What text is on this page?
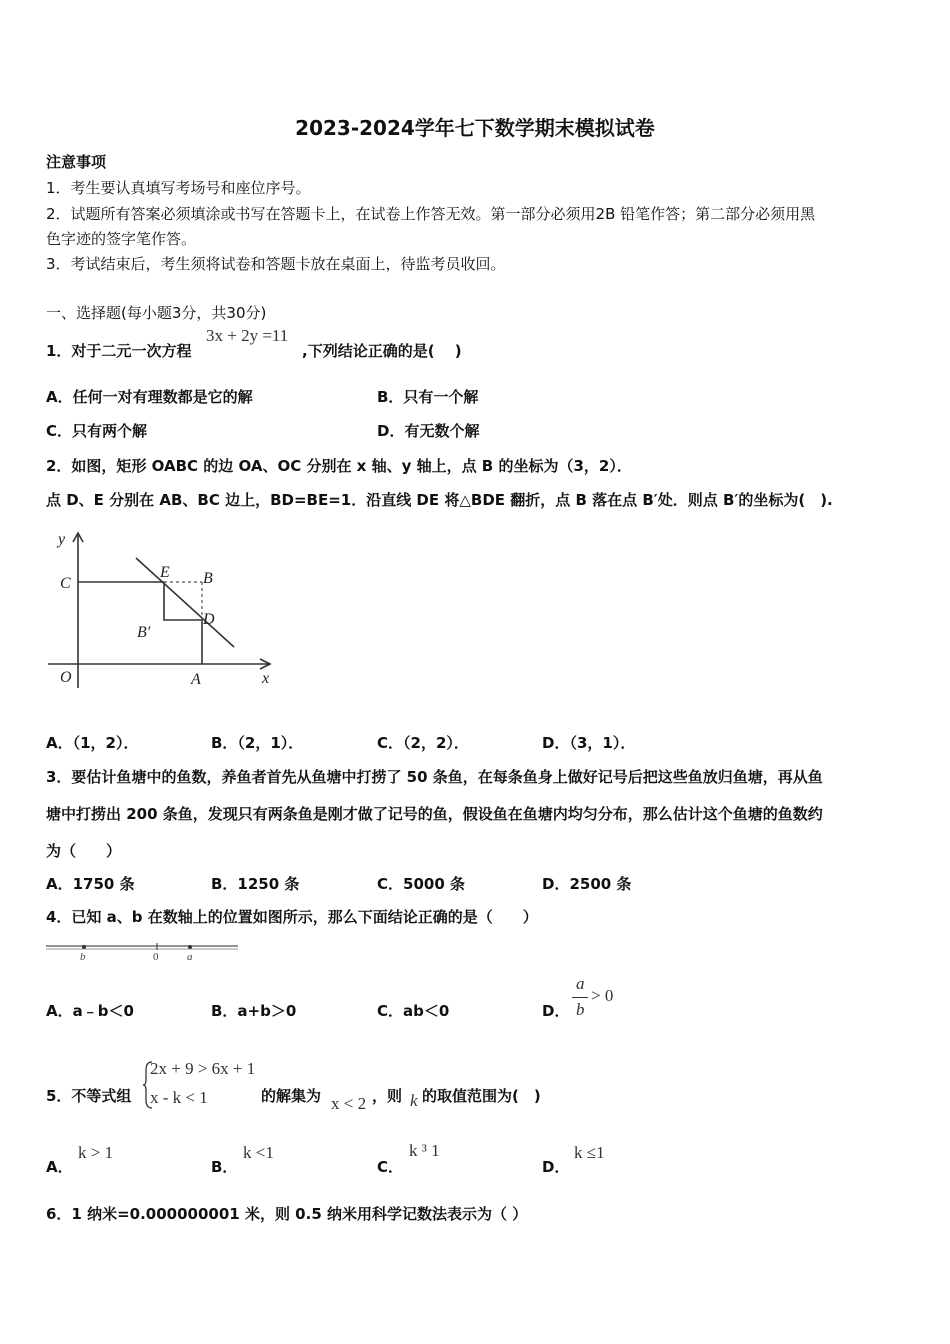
2023-2024学年七下数学期末模拟试卷
注意事项
1．考生要认真填写考场号和座位序号。
2．试题所有答案必须填涂或书写在答题卡上，在试卷上作答无效。第一部分必须用2B 铅笔作答；第二部分必须用黑
色字迹的签字笔作答。
3．考试结束后，考生须将试卷和答题卡放在桌面上，待监考员收回。
一、选择题(每小题3分，共30分)
1．对于二元一次方程
3x + 2y =11
,下列结论正确的是(　 )
A．任何一对有理数都是它的解	B．只有一个解
C．只有两个解	D．有无数个解
2．如图，矩形 OABC 的边 OA、OC 分别在 x 轴、y 轴上，点 B 的坐标为（3，2）．
点 D、E 分别在 AB、BC 边上，BD=BE=1．沿直线 DE 将△BDE 翻折，点 B 落在点 B′处．则点 B′的坐标为(　).
y
x
O
C
E B
D
B′
A
A．（1，2）．	B．（2，1）．	C．（2，2）．	D．（3，1）．
3．要估计鱼塘中的鱼数，养鱼者首先从鱼塘中打捞了 50 条鱼，在每条鱼身上做好记号后把这些鱼放归鱼塘，再从鱼
塘中打捞出 200 条鱼，发现只有两条鱼是刚才做了记号的鱼，假设鱼在鱼塘内均匀分布，那么估计这个鱼塘的鱼数约
为（　　）
A．1750 条	B．1250 条	C．5000 条	D．2500 条
4．已知 a、b 在数轴上的位置如图所示，那么下面结论正确的是（　　）
b	0	a
A．a﹣b＜0	B．a+b＞0	C．ab＜0	D．
a
b
> 0
5．不等式组
2x + 9 > 6x + 1
x - k < 1	的解集为 x < 2 ，则 k 的取值范围为(　)
A．
k > 1
B．
k <1
C．
k ³ 1
D．
k ≤1
6．1 纳米=0.000000001 米，则 0.5 纳米用科学记数法表示为（ ）
